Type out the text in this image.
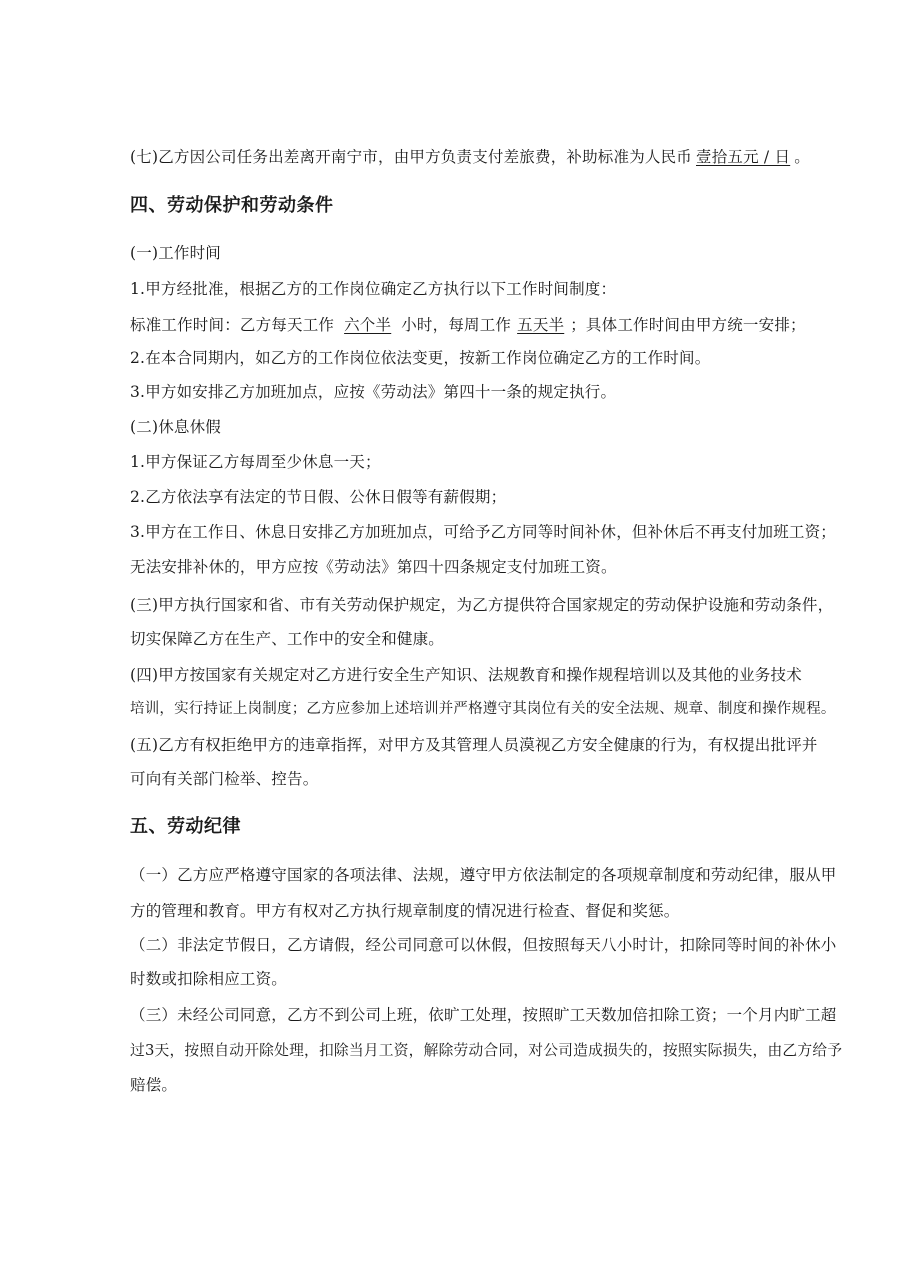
(七)乙方因公司任务出差离开南宁市，由甲方负责支付差旅费，补助标准为人民币 壹拾五元 / 日 。
四、劳动保护和劳动条件
(一)工作时间
1.甲方经批准，根据乙方的工作岗位确定乙方执行以下工作时间制度：
标准工作时间：乙方每天工作 六个半 小时，每周工作 五天半 ；具体工作时间由甲方统一安排；
2.在本合同期内，如乙方的工作岗位依法变更，按新工作岗位确定乙方的工作时间。
3.甲方如安排乙方加班加点，应按《劳动法》第四十一条的规定执行。
(二)休息休假
1.甲方保证乙方每周至少休息一天；
2.乙方依法享有法定的节日假、公休日假等有薪假期；
3.甲方在工作日、休息日安排乙方加班加点，可给予乙方同等时间补休，但补休后不再支付加班工资；
无法安排补休的，甲方应按《劳动法》第四十四条规定支付加班工资。
(三)甲方执行国家和省、市有关劳动保护规定，为乙方提供符合国家规定的劳动保护设施和劳动条件，
切实保障乙方在生产、工作中的安全和健康。
(四)甲方按国家有关规定对乙方进行安全生产知识、法规教育和操作规程培训以及其他的业务技术
培训，实行持证上岗制度；乙方应参加上述培训并严格遵守其岗位有关的安全法规、规章、制度和操作规程。
(五)乙方有权拒绝甲方的违章指挥，对甲方及其管理人员漠视乙方安全健康的行为，有权提出批评并
可向有关部门检举、控告。
五、劳动纪律
（一）乙方应严格遵守国家的各项法律、法规，遵守甲方依法制定的各项规章制度和劳动纪律，服从甲
方的管理和教育。甲方有权对乙方执行规章制度的情况进行检查、督促和奖惩。
（二）非法定节假日，乙方请假，经公司同意可以休假，但按照每天八小时计，扣除同等时间的补休小
时数或扣除相应工资。
（三）未经公司同意，乙方不到公司上班，依旷工处理，按照旷工天数加倍扣除工资；一个月内旷工超
过3天，按照自动开除处理，扣除当月工资，解除劳动合同，对公司造成损失的，按照实际损失，由乙方给予
赔偿。
